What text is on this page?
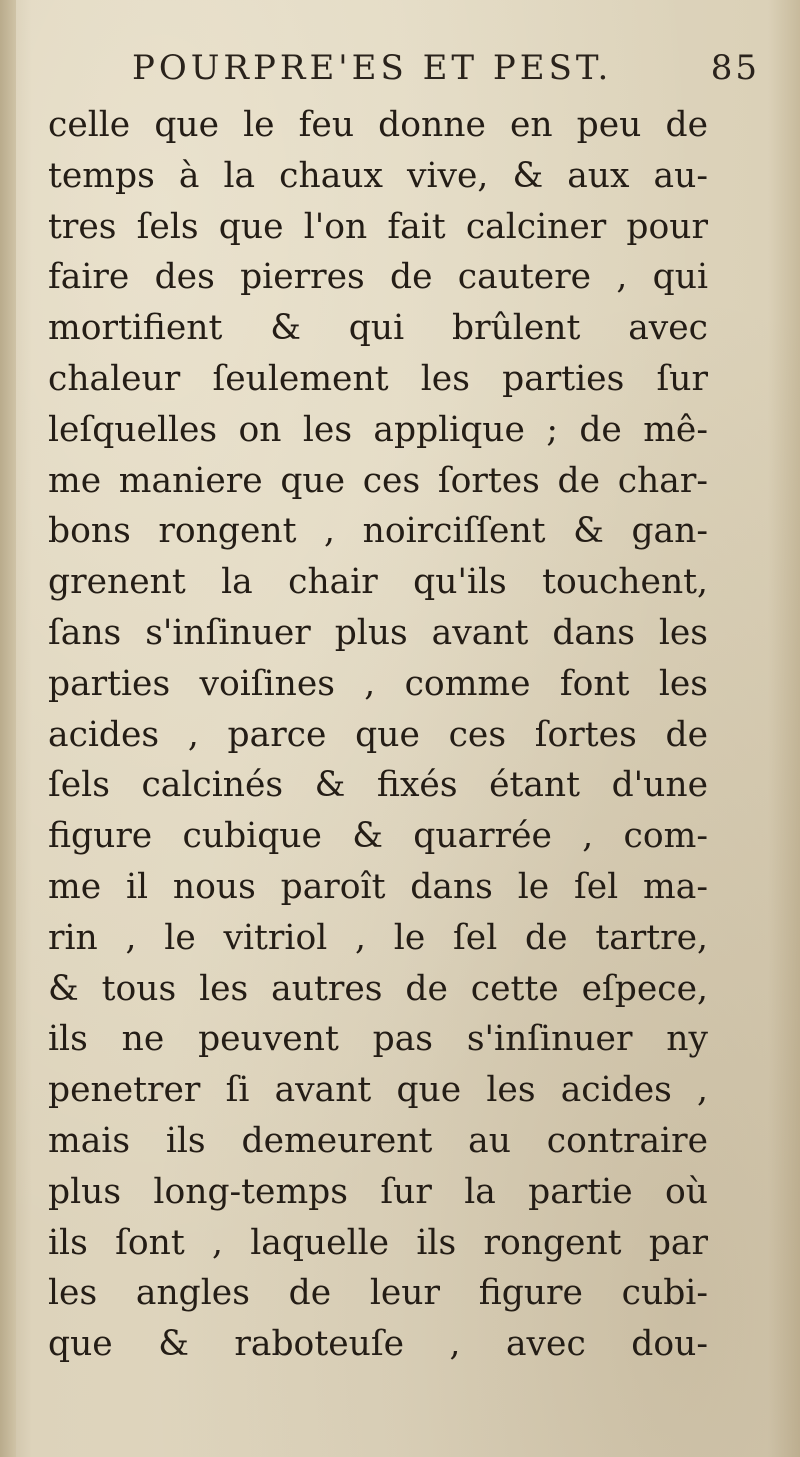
POURPRE'ES ET PEST.	85
celle que le feu donne en peu de
temps à la chaux vive, & aux au-
tres ſels que l'on fait calciner pour
faire des pierres de cautere , qui
mortifient & qui brûlent avec
chaleur ſeulement les parties ſur
leſquelles on les applique ; de mê-
me maniere que ces ſortes de char-
bons rongent , noirciſſent & gan-
grenent la chair qu'ils touchent,
ſans s'inſinuer plus avant dans les
parties voiſines , comme font les
acides , parce que ces ſortes de
ſels calcinés & fixés étant d'une
figure cubique & quarrée , com-
me il nous paroît dans le ſel ma-
rin , le vitriol , le ſel de tartre,
& tous les autres de cette eſpece,
ils ne peuvent pas s'inſinuer ny
penetrer ſi avant que les acides ,
mais ils demeurent au contraire
plus long-temps ſur la partie où
ils ſont , laquelle ils rongent par
les angles de leur figure cubi-
que & raboteuſe , avec dou-
